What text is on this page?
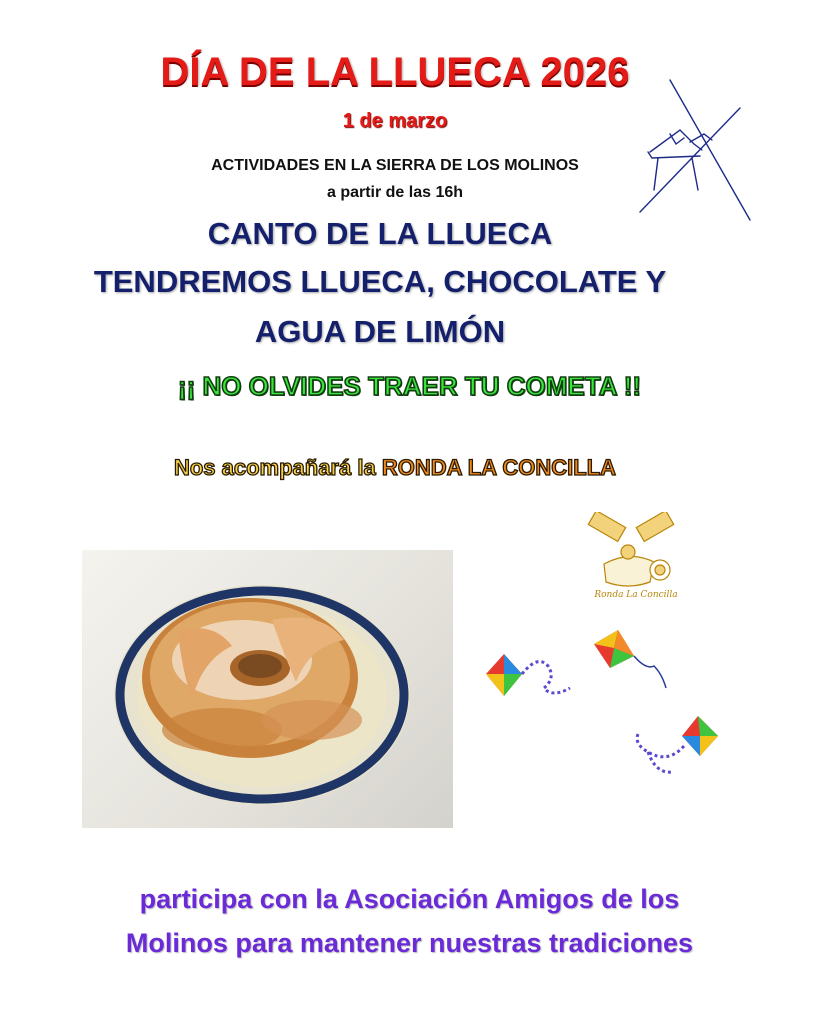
DÍA DE LA LLUECA 2026
1 de marzo
ACTIVIDADES EN LA SIERRA DE LOS MOLINOS
a partir de las 16h
CANTO DE LA LLUECA
TENDREMOS LLUECA, CHOCOLATE Y
AGUA DE LIMÓN
¡¡ NO OLVIDES TRAER TU COMETA !!
Nos acompañará la RONDA LA CONCILLA
Ronda La Concilla
participa con la Asociación Amigos de los
Molinos para mantener nuestras tradiciones
